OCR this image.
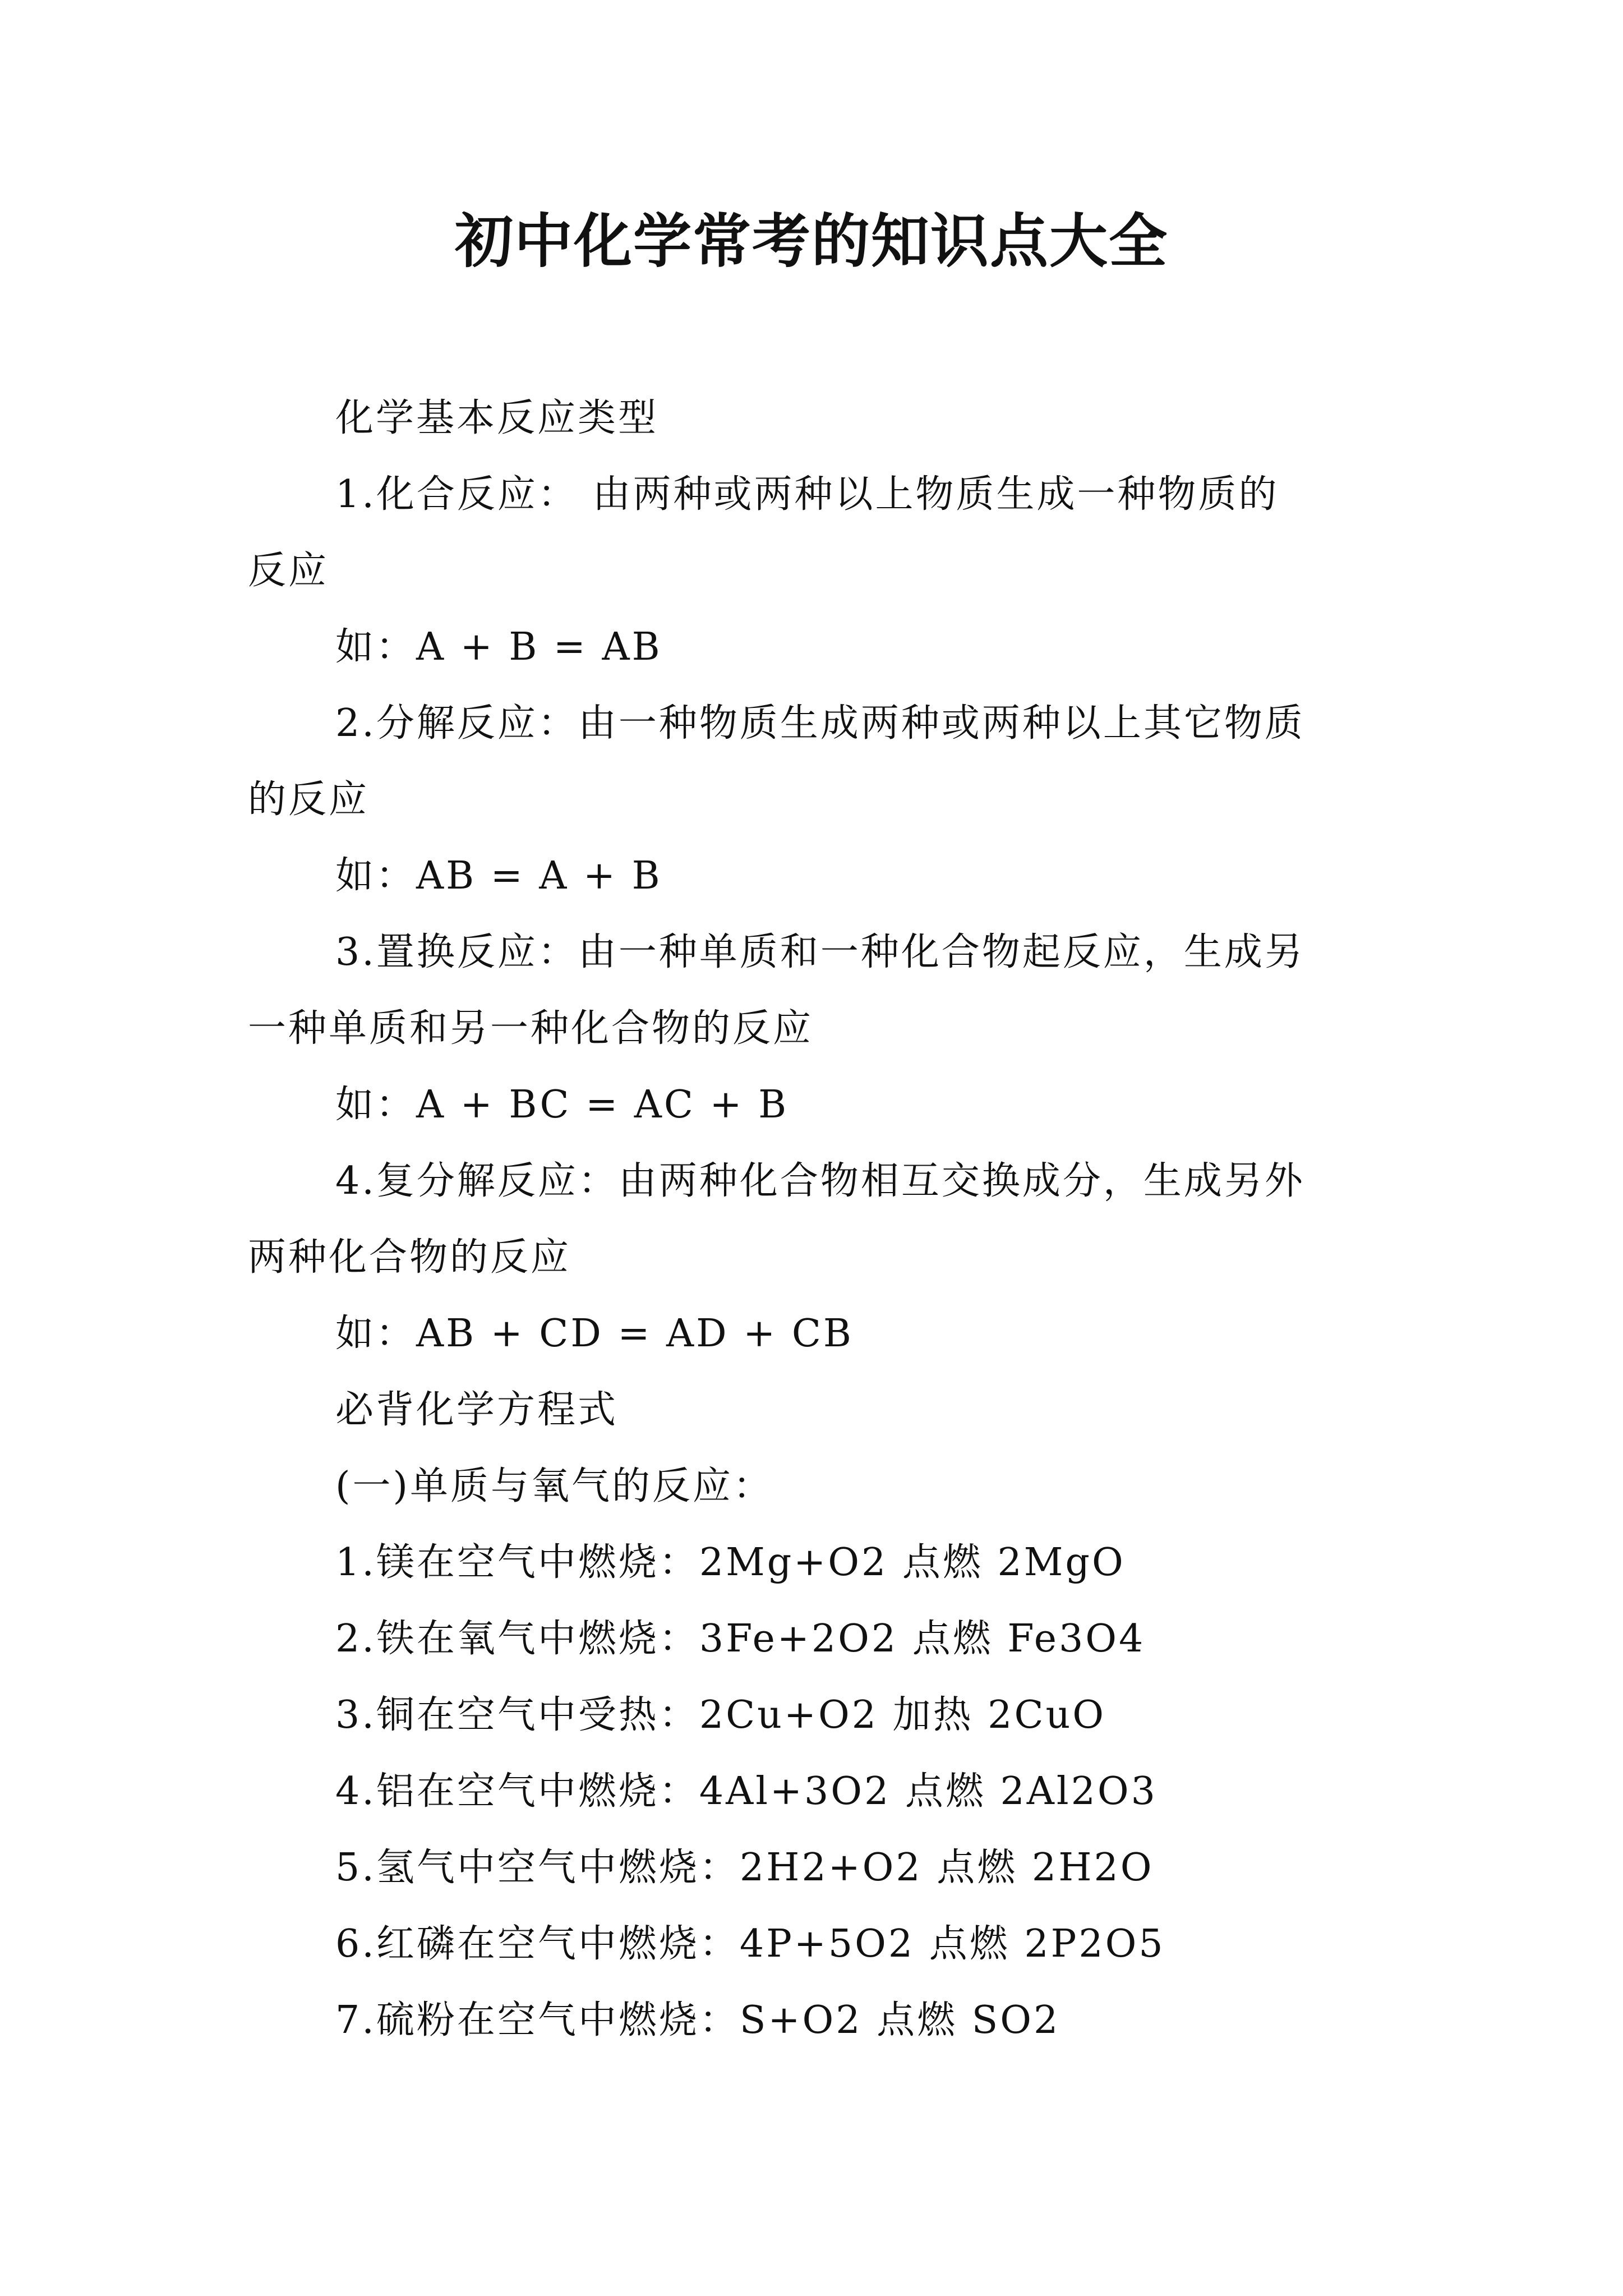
初中化学常考的知识点大全
化学基本反应类型
1.化合反应： 由两种或两种以上物质生成一种物质的
反应
如：A + B = AB
2.分解反应：由一种物质生成两种或两种以上其它物质
的反应
如：AB = A + B
3.置换反应：由一种单质和一种化合物起反应，生成另
一种单质和另一种化合物的反应
如：A + BC = AC + B
4.复分解反应：由两种化合物相互交换成分，生成另外
两种化合物的反应
如：AB + CD = AD + CB
必背化学方程式
(一)单质与氧气的反应：
1.镁在空气中燃烧：2Mg+O2 点燃 2MgO
2.铁在氧气中燃烧：3Fe+2O2 点燃 Fe3O4
3.铜在空气中受热：2Cu+O2 加热 2CuO
4.铝在空气中燃烧：4Al+3O2 点燃 2Al2O3
5.氢气中空气中燃烧：2H2+O2 点燃 2H2O
6.红磷在空气中燃烧：4P+5O2 点燃 2P2O5
7.硫粉在空气中燃烧：S+O2 点燃 SO2
